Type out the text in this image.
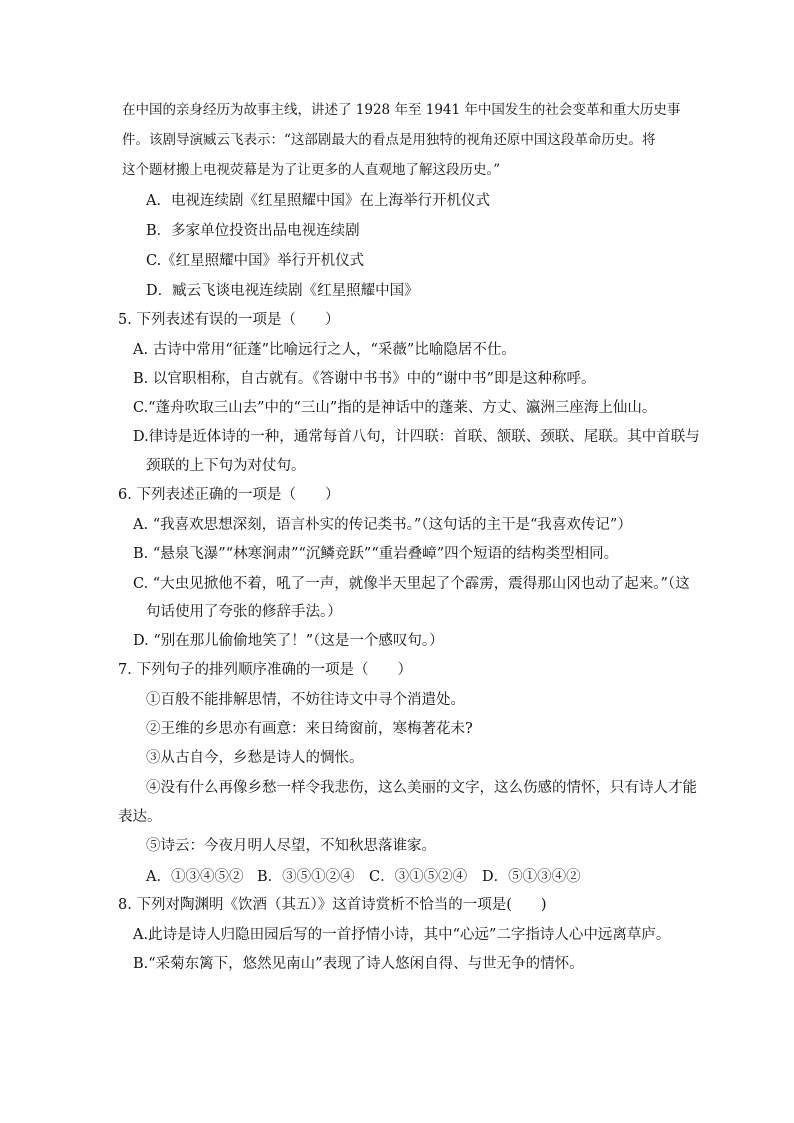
在中国的亲身经历为故事主线，讲述了 1928 年至 1941 年中国发生的社会变革和重大历史事
件。该剧导演臧云飞表示：“这部剧最大的看点是用独特的视角还原中国这段革命历史。将
这个题材搬上电视荧幕是为了让更多的人直观地了解这段历史。”
A．电视连续剧《红星照耀中国》在上海举行开机仪式
B．多家单位投资出品电视连续剧
C.《红星照耀中国》举行开机仪式
D．臧云飞谈电视连续剧《红星照耀中国》
5. 下列表述有误的一项是（　　）
A. 古诗中常用“征蓬”比喻远行之人，“采薇”比喻隐居不仕。
B. 以官职相称，自古就有。《答谢中书书》中的“谢中书”即是这种称呼。
C.“蓬舟吹取三山去”中的“三山”指的是神话中的蓬莱、方丈、瀛洲三座海上仙山。
D.律诗是近体诗的一种，通常每首八句，计四联：首联、颔联、颈联、尾联。其中首联与
颈联的上下句为对仗句。
6. 下列表述正确的一项是（　　）
A. “我喜欢思想深刻，语言朴实的传记类书。”（这句话的主干是“我喜欢传记”）
B. “悬泉飞瀑”“林寒涧肃”“沉鳞竞跃”“重岩叠嶂”四个短语的结构类型相同。
C. “大虫见掀他不着，吼了一声，就像半天里起了个霹雳，震得那山冈也动了起来。”（这
句话使用了夸张的修辞手法。）
D. “别在那儿偷偷地笑了！”（这是一个感叹句。）
7. 下列句子的排列顺序准确的一项是（　　）
①百般不能排解思情，不妨往诗文中寻个消遣处。
②王维的乡思亦有画意：来日绮窗前，寒梅著花未?
③从古自今，乡愁是诗人的惆怅。
④没有什么再像乡愁一样令我悲伤，这么美丽的文字，这么伤感的情怀，只有诗人才能
表达。
⑤诗云：今夜月明人尽望，不知秋思落谁家。
A．①③④⑤② B．③⑤①②④ C．③①⑤②④ D．⑤①③④②
8. 下列对陶渊明《饮酒（其五）》这首诗赏析不恰当的一项是(　　)
A.此诗是诗人归隐田园后写的一首抒情小诗，其中“心远”二字指诗人心中远离草庐。
B.“采菊东篱下，悠然见南山”表现了诗人悠闲自得、与世无争的情怀。
